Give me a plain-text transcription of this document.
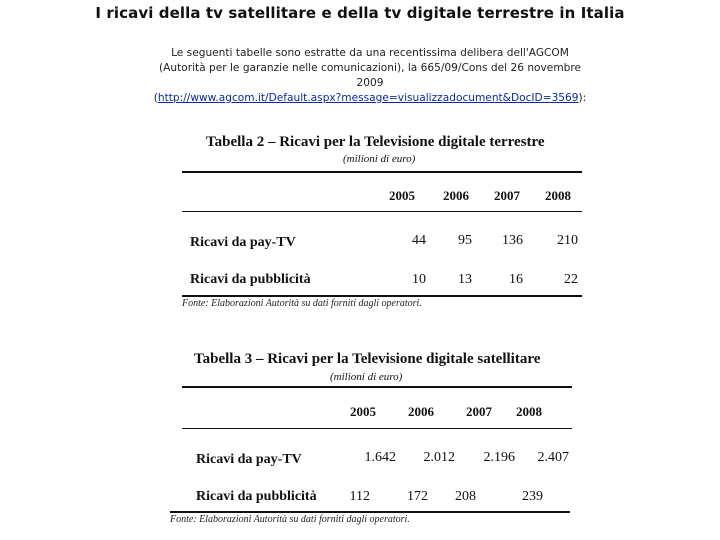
I ricavi della tv satellitare e della tv digitale terrestre in Italia
Le seguenti tabelle sono estratte da una recentissima delibera dell'AGCOM
(Autorità per le garanzie nelle comunicazioni), la 665/09/Cons del 26 novembre 2009
(http://www.agcom.it/Default.aspx?message=visualizzadocument&DocID=3569):
Tabella 2 – Ricavi per la Televisione digitale terrestre
(milioni di euro)
2005 2006 2007 2008
Ricavi da pay-TV	44	95	136	210
Ricavi da pubblicità	10	13	16	22
Fonte: Elaborazioni Autorità su dati forniti dagli operatori.
Tabella 3 – Ricavi per la Televisione digitale satellitare
(milioni di euro)
2005 2006 2007 2008
Ricavi da pay-TV	1.642	2.012	2.196	2.407
Ricavi da pubblicità	112	172	208	239
Fonte: Elaborazioni Autorità su dati forniti dagli operatori.
